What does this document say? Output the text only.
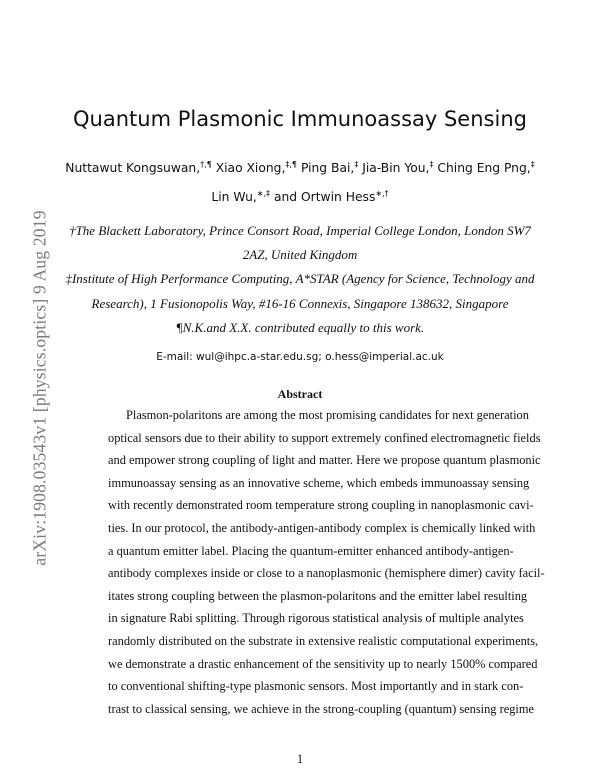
arXiv:1908.03543v1 [physics.optics] 9 Aug 2019
Quantum Plasmonic Immunoassay Sensing
Nuttawut Kongsuwan,†,¶ Xiao Xiong,‡,¶ Ping Bai,‡ Jia-Bin You,‡ Ching Eng Png,‡
Lin Wu,∗,‡ and Ortwin Hess∗,†
†The Blackett Laboratory, Prince Consort Road, Imperial College London, London SW7
2AZ, United Kingdom
‡Institute of High Performance Computing, A*STAR (Agency for Science, Technology and
Research), 1 Fusionopolis Way, #16-16 Connexis, Singapore 138632, Singapore
¶N.K.and X.X. contributed equally to this work.
E-mail: wul@ihpc.a-star.edu.sg; o.hess@imperial.ac.uk
Abstract
Plasmon-polaritons are among the most promising candidates for next generation
optical sensors due to their ability to support extremely confined electromagnetic fields
and empower strong coupling of light and matter. Here we propose quantum plasmonic
immunoassay sensing as an innovative scheme, which embeds immunoassay sensing
with recently demonstrated room temperature strong coupling in nanoplasmonic cavi-
ties. In our protocol, the antibody-antigen-antibody complex is chemically linked with
a quantum emitter label. Placing the quantum-emitter enhanced antibody-antigen-
antibody complexes inside or close to a nanoplasmonic (hemisphere dimer) cavity facil-
itates strong coupling between the plasmon-polaritons and the emitter label resulting
in signature Rabi splitting. Through rigorous statistical analysis of multiple analytes
randomly distributed on the substrate in extensive realistic computational experiments,
we demonstrate a drastic enhancement of the sensitivity up to nearly 1500% compared
to conventional shifting-type plasmonic sensors. Most importantly and in stark con-
trast to classical sensing, we achieve in the strong-coupling (quantum) sensing regime
1
